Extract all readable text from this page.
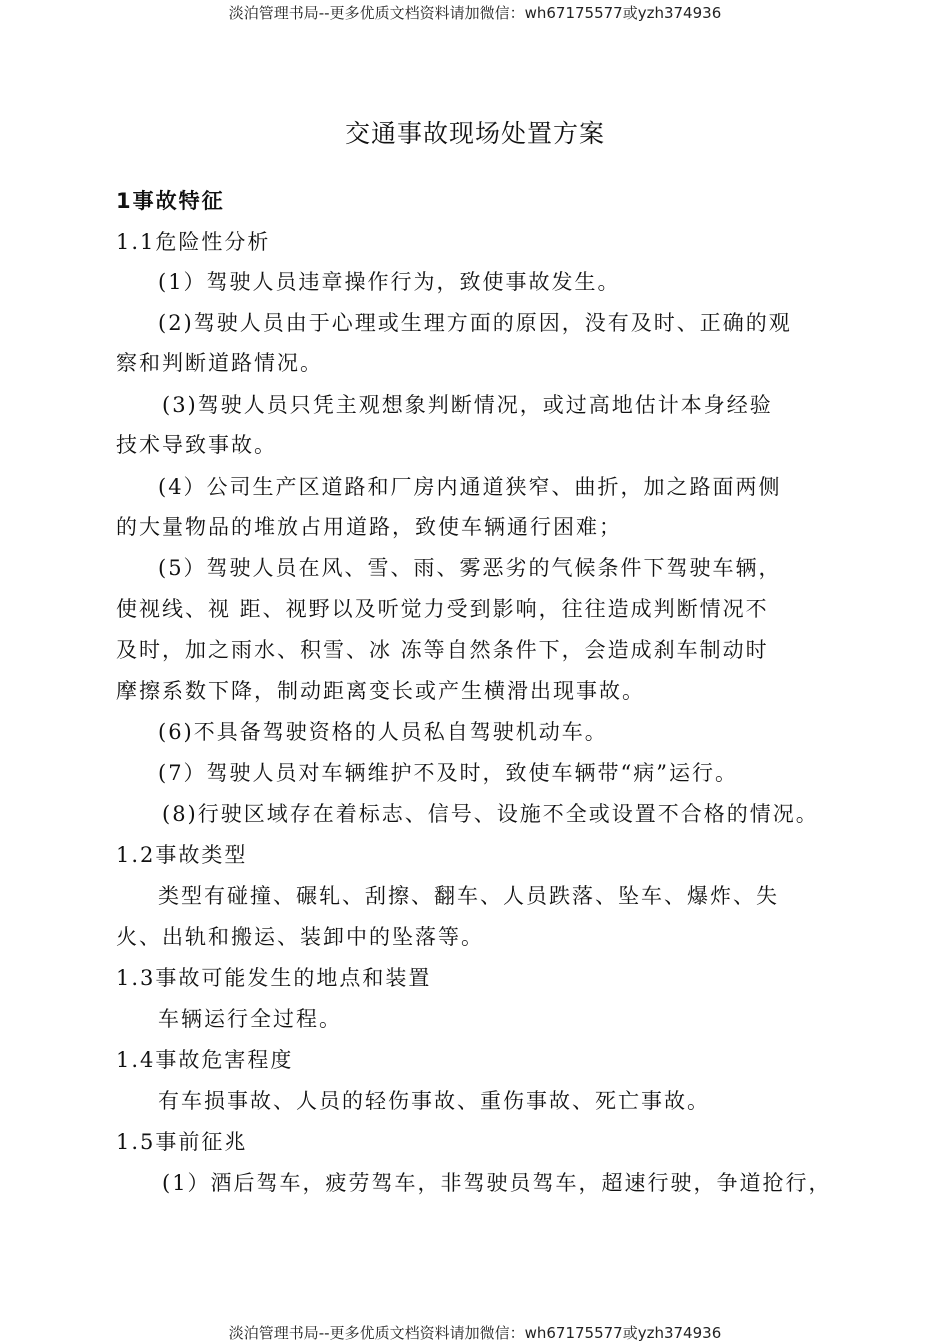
淡泊管理书局--更多优质文档资料请加微信：wh67175577或yzh374936
交通事故现场处置方案
1事故特征
1.1危险性分析
(1）驾驶人员违章操作行为，致使事故发生。
(2)驾驶人员由于心理或生理方面的原因，没有及时、正确的观
察和判断道路情况。
(3)驾驶人员只凭主观想象判断情况，或过高地估计本身经验
技术导致事故。
(4）公司生产区道路和厂房内通道狭窄、曲折，加之路面两侧
的大量物品的堆放占用道路，致使车辆通行困难；
(5）驾驶人员在风、雪、雨、雾恶劣的气候条件下驾驶车辆，
使视线、视 距、视野以及听觉力受到影响，往往造成判断情况不
及时，加之雨水、积雪、冰 冻等自然条件下，会造成刹车制动时
摩擦系数下降，制动距离变长或产生横滑出现事故。
(6)不具备驾驶资格的人员私自驾驶机动车。
(7）驾驶人员对车辆维护不及时，致使车辆带“病”运行。
(8)行驶区域存在着标志、信号、设施不全或设置不合格的情况。
1.2事故类型
类型有碰撞、碾轧、刮擦、翻车、人员跌落、坠车、爆炸、失
火、出轨和搬运、装卸中的坠落等。
1.3事故可能发生的地点和装置
车辆运行全过程。
1.4事故危害程度
有车损事故、人员的轻伤事故、重伤事故、死亡事故。
1.5事前征兆
(1）酒后驾车，疲劳驾车，非驾驶员驾车，超速行驶，争道抢行，
淡泊管理书局--更多优质文档资料请加微信：wh67175577或yzh374936
